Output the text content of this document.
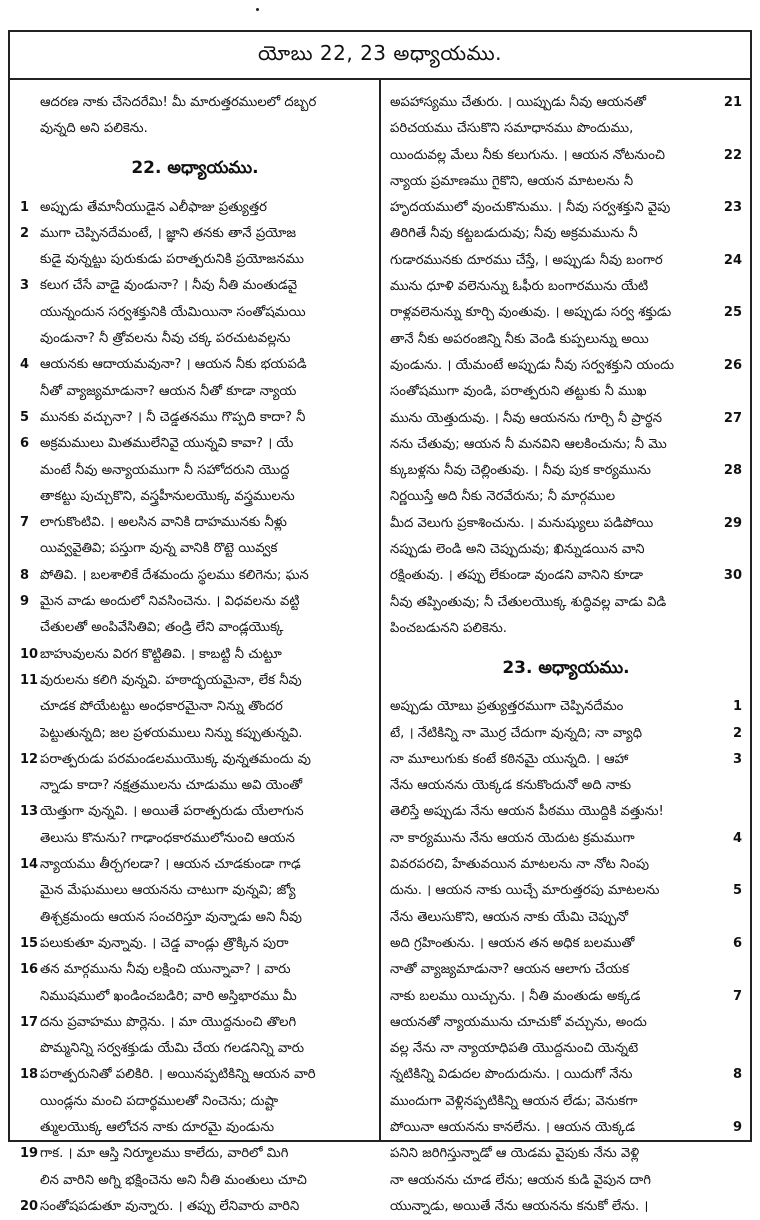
యోబు 22, 23 అధ్యాయము.
ఆదరణ నాకు చేసెదరేమి! మీ మారుత్తరములలో దబ్బర
వున్నది అని పలికెను.
22. అధ్యాయము.
1 అప్పుడు తేమానీయుడైన ఎలీఫాజు ప్రత్యుత్తర
2 ముగా చెప్పినదేమంటే, । జ్ఞాని తనకు తానే ప్రయోజ
కుడై వున్నట్టు పురుకుడు పరాత్పరునికి ప్రయోజనము
3 కలుగ చేసే వాడై వుండునా? । నీవు నీతి మంతుడవై
యున్నందున సర్వశక్తునికి యేమియినా సంతోషమయి
వుండునా? నీ త్రోవలను నీవు చక్క పరచుటవల్లను
4 ఆయనకు ఆదాయమవునా? । ఆయన నీకు భయపడి
నీతో వ్యాజ్యమాడునా? ఆయన నీతో కూడా న్యాయ
5 మునకు వచ్చునా? । నీ చెడ్డతనము గొప్పది కాదా? నీ
6 అక్రమములు మితములేనివై యున్నవి కావా? । యే
మంటే నీవు అన్యాయముగా నీ సహోదరుని యొద్ద
తాకట్టు పుచ్చుకొని, వస్త్రహీనులయొక్క వస్త్రములను
7 లాగుకొంటివి. । అలసిన వానికి దాహమునకు నీళ్లు
యివ్వవైతివి; పస్తుగా వున్న వానికి రొట్టె యివ్వక
8 పోతివి. । బలశాలికే దేశమందు స్థలము కలిగెను; ఘన
9 మైన వాడు అందులో నివసించెను. । విధవలను వట్టి
చేతులతో అంపివేసితివి; తండ్రి లేని వాండ్లయొక్క
10 బాహువులను విరగ కొట్టితివి. । కాబట్టి నీ చుట్టూ
11 వురులను కలిగి వున్నవి. హఠాద్భయమైనా, లేక నీవు
చూడక పోయేటట్టు అంధకారమైనా నిన్ను తొందర
పెట్టుతున్నది; జల ప్రళయములు నిన్ను కప్పుతున్నవి.
12 పరాత్పరుడు పరమండలముయొక్క వున్నతమందు వు
న్నాడు కాదా? నక్షత్రములను చూడుము అవి యెంతో
13 యెత్తుగా వున్నవి. । అయితే పరాత్పరుడు యేలాగున
తెలుసు కొనును? గాఢాంధకారములోనుంచి ఆయన
14 న్యాయము తీర్చగలడా? । ఆయన చూడకుండా గాఢ
మైన మేఘములు ఆయనను చాటుగా వున్నవి; జ్యో
తిశ్చక్రమందు ఆయన సంచరిస్తూ వున్నాడు అని నీవు
15 పలుకుతూ వున్నావు. । చెడ్డ వాండ్లు త్రొక్కిన పురా
16 తన మార్గమును నీవు లక్షించి యున్నావా? । వారు
నిముషములో ఖండించబడిరి; వారి అస్తిభారము మీ
17 దను ప్రవాహము పొర్లెను. । మా యొద్దనుంచి తొలగి
పొమ్మనిన్ని సర్వశక్తుడు యేమి చేయ గలడనిన్ని వారు
18 పరాత్పరునితో పలికిరి. । అయినప్పటికిన్ని ఆయన వారి
యిండ్లను మంచి పదార్థములతో నించెను; దుష్టా
త్ములయొక్క ఆలోచన నాకు దూరమై వుండును
19 గాక. । మా ఆస్తి నిర్మూలము కాలేదు, వారిలో మిగి
లిన వారిని అగ్ని భక్షించెను అని నీతి మంతులు చూచి
20 సంతోషపడుతూ వున్నారు. । తప్పు లేనివారు వారిని
అపహాస్యము చేతురు. । యిప్పుడు నీవు ఆయనతో	21
పరిచయము చేసుకొని సమాధానము పొందుము,
యిందువల్ల మేలు నీకు కలుగును. । ఆయన నోటనుంచి	22
న్యాయ ప్రమాణము గైకొని, ఆయన మాటలను నీ
హృదయములో వుంచుకొనుము. । నీవు సర్వశక్తుని వైపు	23
తిరిగితే నీవు కట్టబడుదువు; నీవు అక్రమమును నీ
గుడారమునకు దూరము చేస్తే, । అప్పుడు నీవు బంగార	24
మును ధూళి వలెనున్ను ఓఫీరు బంగారమును యేటి
రాళ్లవలెనున్ను కూర్చి వుంతువు. । అప్పుడు సర్వ శక్తుడు	25
తానే నీకు అపరంజిన్ని నీకు వెండి కుప్పలున్ను అయి
వుండును. । యేమంటే అప్పుడు నీవు సర్వశక్తుని యందు	26
సంతోషముగా వుండి, పరాత్పరుని తట్టుకు నీ ముఖ
మును యెత్తుదువు. । నీవు ఆయనను గూర్చి నీ ప్రార్థన	27
నను చేతువు; ఆయన నీ మనవిని ఆలకించును; నీ మొ
క్కుబళ్లను నీవు చెల్లింతువు. । నీవు పుక కార్యమును	28
నిర్ణయిస్తే అది నీకు నెరవేరును; నీ మార్గముల
మీద వెలుగు ప్రకాశించును. । మనుష్యులు పడిపోయి	29
నప్పుడు లెండి అని చెప్పుదువు; ఖిన్నుడయిన వాని
రక్షింతువు. । తప్పు లేకుండా వుండని వానిని కూడా	30
నీవు తప్పింతువు; నీ చేతులయొక్క శుద్ధివల్ల వాడు విడి
పించబడునని పలికెను.
23. అధ్యాయము.
అప్పుడు యోబు ప్రత్యుత్తరముగా చెప్పినదేమం	1
టే, । నేటికిన్ని నా మొర్ర చేదుగా వున్నది; నా వ్యాధి	2
నా మూలుగుకు కంటే కఠినమై యున్నది. । ఆహా	3
నేను ఆయనను యెక్కడ కనుకొందునో అది నాకు
తెలిస్తే అప్పుడు నేను ఆయన పీఠము యొద్దికి వత్తును!
నా కార్యమును నేను ఆయన యెదుట క్రమముగా	4
వివరపరచి, హేతువయిన మాటలను నా నోట నింపు
దును. । ఆయన నాకు యిచ్చే మారుత్తరపు మాటలను	5
నేను తెలుసుకొని, ఆయన నాకు యేమి చెప్పునో
అది గ్రహింతును. । ఆయన తన అధిక బలముతో	6
నాతో వ్యాజ్యమాడునా? ఆయన ఆలాగు చేయక
నాకు బలము యిచ్చును. । నీతి మంతుడు అక్కడ	7
ఆయనతో న్యాయమును చూచుకో వచ్చును, అందు
వల్ల నేను నా న్యాయాధిపతి యొద్దనుంచి యెన్నటె
న్నటికిన్ని విడుదల పొందుదును. । యిదుగో నేను	8
ముందుగా వెళ్లినప్పటికిన్ని ఆయన లేడు; వెనుకగా
పోయినా ఆయనను కానలేను. । ఆయన యెక్కడ	9
పనిని జరిగిస్తున్నాడో ఆ యెడమ వైపుకు నేను వెళ్లి
నా ఆయనను చూడ లేను; ఆయన కుడి వైపున దాగి
యున్నాడు, అయితే నేను ఆయనను కనుకో లేను. ।
